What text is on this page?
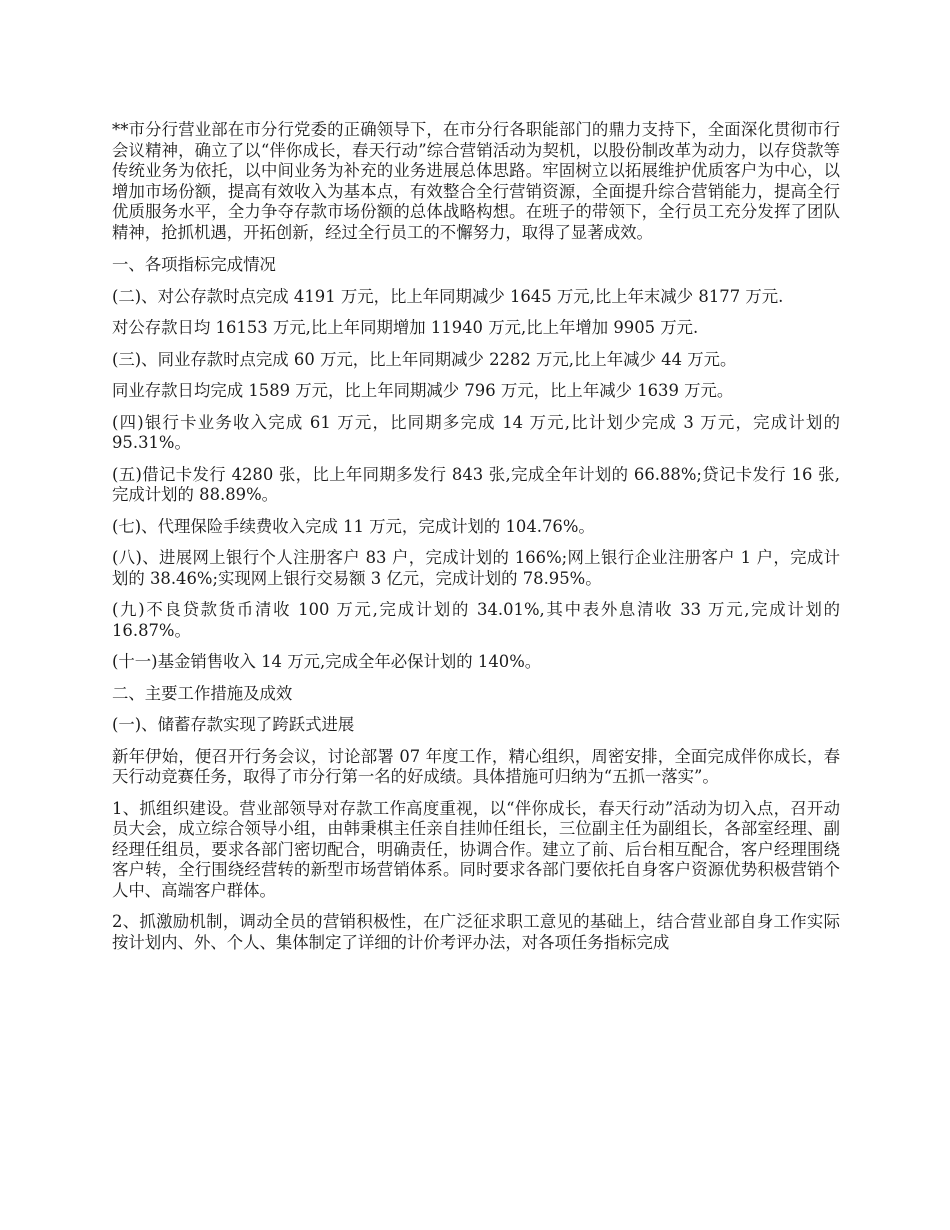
**市分行营业部在市分行党委的正确领导下，在市分行各职能部门的鼎力支持下，全面深化贯彻市行会议精神，确立了以“伴你成长，春天行动”综合营销活动为契机，以股份制改革为动力，以存贷款等传统业务为依托，以中间业务为补充的业务进展总体思路。牢固树立以拓展维护优质客户为中心，以增加市场份额，提高有效收入为基本点，有效整合全行营销资源，全面提升综合营销能力，提高全行优质服务水平，全力争夺存款市场份额的总体战略构想。在班子的带领下，全行员工充分发挥了团队精神，抢抓机遇，开拓创新，经过全行员工的不懈努力，取得了显著成效。

一、各项指标完成情况

(二)、对公存款时点完成 4191 万元，比上年同期减少 1645 万元,比上年末减少 8177 万元.

对公存款日均 16153 万元,比上年同期增加 11940 万元,比上年增加 9905 万元.

(三)、同业存款时点完成 60 万元，比上年同期减少 2282 万元,比上年减少 44 万元。

同业存款日均完成 1589 万元，比上年同期减少 796 万元，比上年减少 1639 万元。

(四)银行卡业务收入完成 61 万元，比同期多完成 14 万元,比计划少完成 3 万元，完成计划的 95.31%。

(五)借记卡发行 4280 张，比上年同期多发行 843 张,完成全年计划的 66.88%;贷记卡发行 16 张,完成计划的 88.89%。

(七)、代理保险手续费收入完成 11 万元，完成计划的 104.76%。

(八)、进展网上银行个人注册客户 83 户，完成计划的 166%;网上银行企业注册客户 1 户，完成计划的 38.46%;实现网上银行交易额 3 亿元，完成计划的 78.95%。

(九)不良贷款货币清收 100 万元,完成计划的 34.01%,其中表外息清收 33 万元,完成计划的 16.87%。

(十一)基金销售收入 14 万元,完成全年必保计划的 140%。

二、主要工作措施及成效

(一)、储蓄存款实现了跨跃式进展

新年伊始，便召开行务会议，讨论部署 07 年度工作，精心组织，周密安排，全面完成伴你成长，春天行动竞赛任务，取得了市分行第一名的好成绩。具体措施可归纳为“五抓一落实”。

1、抓组织建设。营业部领导对存款工作高度重视，以“伴你成长，春天行动”活动为切入点，召开动员大会，成立综合领导小组，由韩秉棋主任亲自挂帅任组长，三位副主任为副组长，各部室经理、副经理任组员，要求各部门密切配合，明确责任，协调合作。建立了前、后台相互配合，客户经理围绕客户转，全行围绕经营转的新型市场营销体系。同时要求各部门要依托自身客户资源优势积极营销个人中、高端客户群体。

2、抓激励机制，调动全员的营销积极性，在广泛征求职工意见的基础上，结合营业部自身工作实际按计划内、外、个人、集体制定了详细的计价考评办法，对各项任务指标完成
